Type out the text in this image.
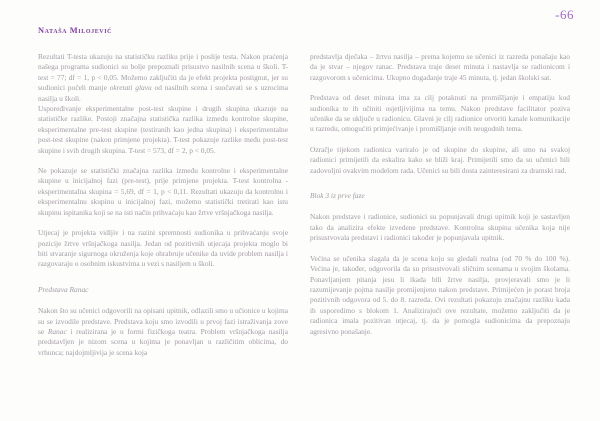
-66
Nataša Milojević

Rezultati T-testa ukazuju na statističku razliku prije i poslije testa. Nakon praćenja našega programa sudionici su bolje prepoznali prisustvo nasilnih scena u školi. T-test = 77; df = 1, p < 0,05. Možemo zaključiti da je efekt projekta postignut, jer su sudionici počeli manje okretati glavu od nasilnih scena i suočavati se s uzrocima nasilja u školi.

Uspoređivanje eksperimentalne post-test skupine i drugih skupina ukazuje na statističke razlike. Postoji značajna statistička razlika između kontrolne skupine, eksperimentalne pre-test skupine (testiranih kao jedna skupina) i eksperimentalne post-test skupine (nakon primjene projekta). T-test pokazuje razlike među post-test skupine i svih drugih skupina. T-test = 573, df = 2, p < 0,05.

Ne pokazuje se statistički značajna razlika između kontrolne i eksperimentalne skupine u inicijalnoj fazi (pre-test), prije primjene projekta. T-test kontrolna - eksperimentalna skupina = 5,69, df = 1, p < 0,11. Rezultati ukazuju da kontrolnu i eksperimentalnu skupinu u inicijalnoj fazi, možemo statistički tretirati kao istu skupinu ispitanika koji se na isti način prihvaćaju kao žrtve vršnjačkoga nasilja.

Utjecaj je projekta vidljiv i na razini spremnosti sudionika u prihvaćanju svoje pozicije žrtve vršnjačkoga nasilja. Jedan od pozitivnih utjecaja projekta moglo bi biti stvaranje sigurnoga okruženja koje ohrabruje učenike da uvide problem nasilja i razgovaraju o osobnim iskustvima u vezi s nasiljem u školi.

Predstava Ranac

Nakon što su učenici odgovorili na opisani upitnik, odlazili smo u učionice u kojima su se izvodile predstave. Predstava koju smo izvodili u prvoj fazi istraživanja zove se Ranac i realizirana je u formi fizičkoga teatra. Problem vršnjačkoga nasilja predstavljen je nizom scena u kojima je ponavljan u različitim oblicima, do vrhunca; najdojmljivija je scena koja

predstavlja dječaka – žrtvu nasilja – prema kojemu se učenici iz razreda ponašaju kao da je stvar – njegov ranac. Predstava traje deset minuta i nastavlja se radionicom i razgovorom s učenicima. Ukupno događanje traje 45 minuta, tj. jedan školski sat.

Predstava od deset minuta ima za cilj potaknuti na promišljanje i empatiju kod sudionika te ih učiniti osjetljivijima na temu. Nakon predstave facilitator poziva učenike da se uključe u radionicu. Glavni je cilj radionice otvoriti kanale komunikacije u razredu, omogućiti primjećivanje i promišljanje ovih neugodnih tema.

Ozračje tijekom radionica variralo je od skupine do skupine, ali smo na svakoj radionici primijetili da eskalira kako se bliži kraj. Primijetili smo da su učenici bili zadovoljni ovakvim modelom rada. Učenici su bili dosta zainteresirani za dramski rad.

Blok 3 iz prve faze

Nakon predstave i radionice, sudionici su popunjavali drugi upitnik koji je sastavljen tako da analizira efekte izvedene predstave. Kontrolna skupina učenika koja nije prisustvovala predstavi i radionici također je popunjavala upitnik.

Većina se učenika slagala da je scena koju su gledali realna (od 70 % do 100 %). Većina je, također, odgovorila da su prisustvovali sličnim scenama u svojim školama. Ponavljanjem pitanja jesu li ikada bili žrtve nasilja, provjeravali smo je li razumijevanje pojma nasilje promijenjeno nakon predstave. Primijećen je porast broja pozitivnih odgovora od 5. do 8. razreda. Ovi rezultati pokazuju značajnu razliku kada ih usporedimo s blokom 1. Analizirajući ove rezultate, možemo zaključiti da je radionica imala pozitivan utjecaj, tj. da je pomogla sudionicima da prepoznaju agresivno ponašanje.
